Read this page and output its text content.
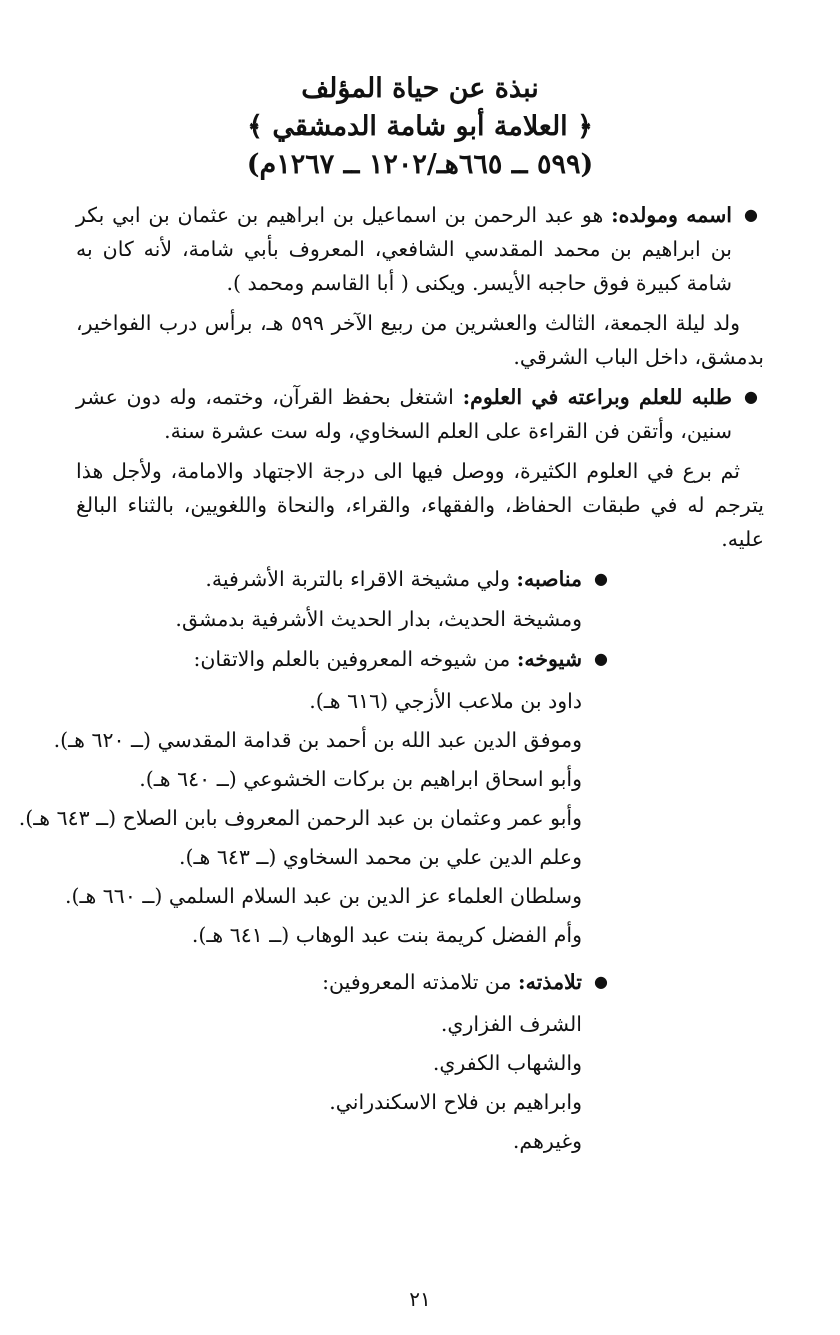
نبذة عن حياة المؤلف
﴿ العلامة أبو شامة الدمشقي ﴾
(٥٩٩ ــ ٦٦٥هـ/١٢٠٢ ــ ١٢٦٧م)
●
اسمه ومولده: هو عبد الرحمن بن اسماعيل بن ابراهيم بن عثمان بن ابي بكر بن ابراهيم بن محمد المقدسي الشافعي، المعروف بأبي شامة، لأنه كان به شامة كبيرة فوق حاجبه الأيسر. ويكنى ( أبا القاسم ومحمد ).
ولد ليلة الجمعة، الثالث والعشرين من ربيع الآخر ٥٩٩ هـ، برأس درب الفواخير، بدمشق، داخل الباب الشرقي.
●
طلبه للعلم وبراعته في العلوم: اشتغل بحفظ القرآن، وختمه، وله دون عشر سنين، وأتقن فن القراءة على العلم السخاوي، وله ست عشرة سنة.
ثم برع في العلوم الكثيرة، ووصل فيها الى درجة الاجتهاد والامامة، ولأجل هذا يترجم له في طبقات الحفاظ، والفقهاء، والقراء، والنحاة واللغويين، بالثناء البالغ عليه.
●
مناصبه: ولي مشيخة الاقراء بالتربة الأشرفية.
ومشيخة الحديث، بدار الحديث الأشرفية بدمشق.
●
شيوخه: من شيوخه المعروفين بالعلم والاتقان:
داود بن ملاعب الأزجي (٦١٦ هـ).
وموفق الدين عبد الله بن أحمد بن قدامة المقدسي (ــ ٦٢٠ هـ).
وأبو اسحاق ابراهيم بن بركات الخشوعي (ــ ٦٤٠ هـ).
وأبو عمر وعثمان بن عبد الرحمن المعروف بابن الصلاح (ــ ٦٤٣ هـ).
وعلم الدين علي بن محمد السخاوي (ــ ٦٤٣ هـ).
وسلطان العلماء عز الدين بن عبد السلام السلمي (ــ ٦٦٠ هـ).
وأم الفضل كريمة بنت عبد الوهاب (ــ ٦٤١ هـ).
●
تلامذته: من تلامذته المعروفين:
الشرف الفزاري.
والشهاب الكفري.
وابراهيم بن فلاح الاسكندراني.
وغيرهم.
٢١
